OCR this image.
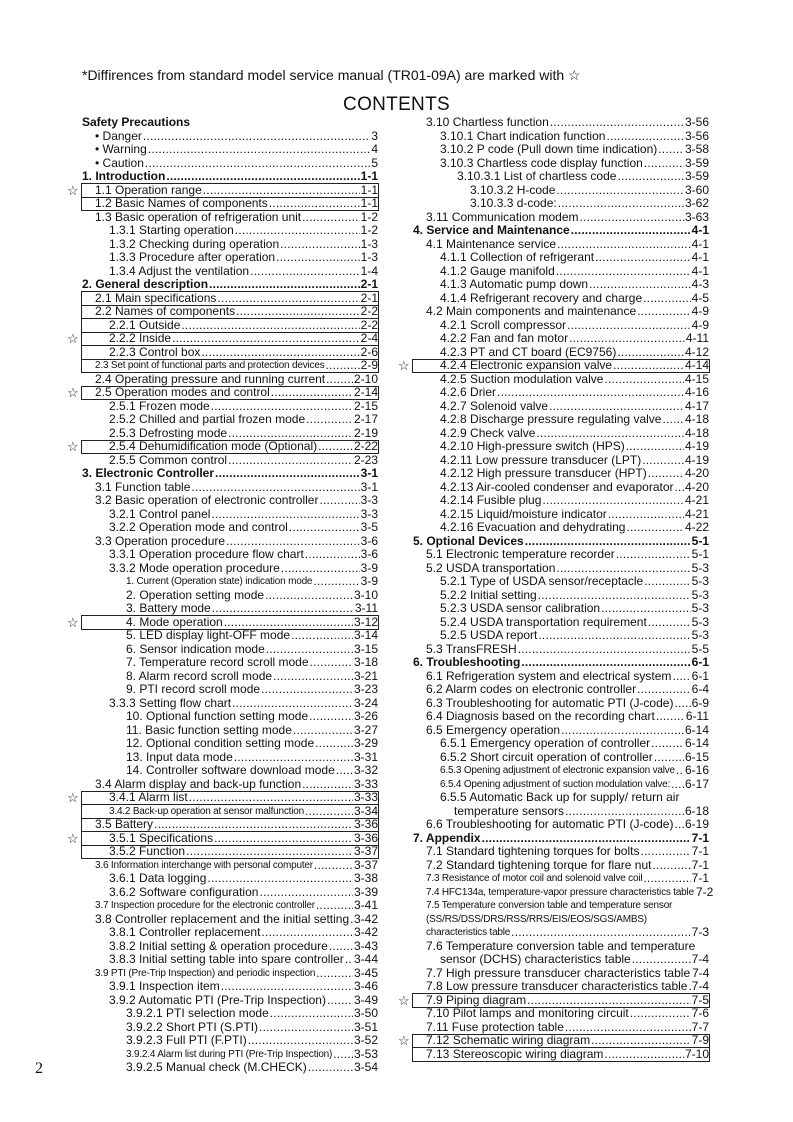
*Diffirences from standard model service manual (TR01-09A) are marked with ☆
CONTENTS
Safety Precautions
• Danger .....	3
• Warning .....	4
• Caution .....	5
1. Introduction .....	1-1
☆ 1.1 Operation range .....	1-1
1.2 Basic Names of components .....	1-1
1.3 Basic operation of refrigeration unit .....	1-2
1.3.1 Starting operation .....	1-2
1.3.2 Checking during operation .....	1-3
1.3.3 Procedure after operation .....	1-3
1.3.4 Adjust the ventilation .....	1-4
2. General description .....	2-1
2.1 Main specifications .....	2-1
2.2 Names of components .....	2-2
2.2.1 Outside .....	2-2
☆	2.2.2 Inside .....	2-4
2.2.3 Control box .....	2-6
2.3 Set point of functional parts and protection devices .....	2-9
2.4 Operating pressure and running current ..... 2-10
☆ 2.5 Operation modes and control .....	2-14
2.5.1 Frozen mode .....	2-15
2.5.2 Chilled and partial frozen mode .....	2-17
2.5.3 Defrosting mode .....	2-19
☆	2.5.4 Dehumidification mode (Optional) .....	2-22
2.5.5 Common control .....	2-23
3. Electronic Controller .....	3-1
3.1 Function table .....	3-1
3.2 Basic operation of electronic controller .....	3-3
3.2.1 Control panel .....	3-3
3.2.2 Operation mode and control .....	3-5
3.3 Operation procedure .....	3-6
3.3.1 Operation procedure flow chart .....	3-6
3.3.2 Mode operation procedure .....	3-9
1. Current (Operation state) indication mode .....	3-9
2. Operation setting mode .....	3-10
3. Battery mode .....	3-11
☆	4. Mode operation .....	3-12
5. LED display light-OFF mode .....	3-14
6. Sensor indication mode .....	3-15
7. Temperature record scroll mode .....	3-18
8. Alarm record scroll mode .....	3-21
9. PTI record scroll mode .....	3-23
3.3.3 Setting flow chart .....	3-24
10. Optional function setting mode .....	3-26
11. Basic function setting mode .....	3-27
12. Optional condition setting mode .....	3-29
13. Input data mode .....	3-31
14. Controller software download mode ..... 3-32
3.4 Alarm display and back-up function .....	3-33
☆	3.4.1 Alarm list .....	3-33
3.4.2 Back-up operation at sensor malfunction .....	3-34
3.5 Battery .....	3-36
☆	3.5.1 Specifications .....	3-36
3.5.2 Function .....	3-37
3.6 Information interchange with personal computer .....	3-37
3.6.1 Data logging .....	3-38
3.6.2 Software configuration .....	3-39
3.7 Inspection procedure for the electronic controller .....	3-41
3.8 Controller replacement and the initial setting ..... 3-42
3.8.1 Controller replacement .....	3-42
3.8.2 Initial setting & operation procedure ..... 3-43
3.8.3 Initial setting table into spare controller ..... 3-44
3.9 PTI (Pre-Trip Inspection) and periodic inspection .....	3-45
3.9.1 Inspection item .....	3-46
3.9.2 Automatic PTI (Pre-Trip Inspection) ..... 3-49
3.9.2.1 PTI selection mode .....	3-50
3.9.2.2 Short PTI (S.PTI) .....	3-51
3.9.2.3 Full PTI (F.PTI) .....	3-52
3.9.2.4 Alarm list during PTI (Pre-Trip Inspection) ..... 3-53
3.9.2.5 Manual check (M.CHECK) .....	3-54
3.10 Chartless function .....	3-56
3.10.1 Chart indication function .....	3-56
3.10.2 P code (Pull down time indication) ..... 3-58
3.10.3 Chartless code display function .....	3-59
3.10.3.1 List of chartless code .....	3-59
3.10.3.2 H-code .....	3-60
3.10.3.3 d-code: .....	3-62
3.11 Communication modem .....	3-63
4. Service and Maintenance .....	4-1
4.1 Maintenance service .....	4-1
4.1.1 Collection of refrigerant .....	4-1
4.1.2 Gauge manifold .....	4-1
4.1.3 Automatic pump down .....	4-3
4.1.4 Refrigerant recovery and charge .....	4-5
4.2 Main components and maintenance .....	4-9
4.2.1 Scroll compressor .....	4-9
4.2.2 Fan and fan motor .....	4-11
4.2.3 PT and CT board (EC9756) .....	4-12
☆	4.2.4 Electronic expansion valve .....	4-14
4.2.5 Suction modulation valve .....	4-15
4.2.6 Drier .....	4-16
4.2.7 Solenoid valve .....	4-17
4.2.8 Discharge pressure regulating valve ..... 4-18
4.2.9 Check valve .....	4-18
4.2.10 High-pressure switch (HPS) .....	4-19
4.2.11 Low pressure transducer (LPT) .....	4-19
4.2.12 High pressure transducer (HPT) .....	4-20
4.2.13 Air-cooled condenser and evaporator ..... 4-20
4.2.14 Fusible plug .....	4-21
4.2.15 Liquid/moisture indicator .....	4-21
4.2.16 Evacuation and dehydrating .....	4-22
5. Optional Devices .....	5-1
5.1 Electronic temperature recorder .....	5-1
5.2 USDA transportation .....	5-3
5.2.1 Type of USDA sensor/receptacle .....	5-3
5.2.2 Initial setting .....	5-3
5.2.3 USDA sensor calibration .....	5-3
5.2.4 USDA transportation requirement .....	5-3
5.2.5 USDA report .....	5-3
5.3 TransFRESH .....	5-5
6. Troubleshooting .....	6-1
6.1 Refrigeration system and electrical system ..... 6-1
6.2 Alarm codes on electronic controller .....	6-4
6.3 Troubleshooting for automatic PTI (J-code) ..... 6-9
6.4 Diagnosis based on the recording chart .....	6-11
6.5 Emergency operation .....	6-14
6.5.1 Emergency operation of controller .....	6-14
6.5.2 Short circuit operation of controller .....	6-15
6.5.3 Opening adjustment of electronic expansion valve ..... 6-16
6.5.4 Opening adjustment of suction modulation valve: ..... 6-17
6.5.5 Automatic Back up for supply/ return air
temperature sensors .....	6-18
6.6 Troubleshooting for automatic PTI (J-code) ..... 6-19
7. Appendix .....	7-1
7.1 Standard tightening torques for bolts .....	7-1
7.2 Standard tightening torque for flare nut .....	7-1
7.3 Resistance of motor coil and solenoid valve coil .....	7-1
7.4 HFC134a, temperature-vapor pressure characteristics table 7-2
7.5 Temperature conversion table and temperature sensor
(SS/RS/DSS/DRS/RSS/RRS/EIS/EOS/SGS/AMBS)
characteristics table .....	7-3
7.6 Temperature conversion table and temperature
sensor (DCHS) characteristics table .....	7-4
7.7 High pressure transducer characteristics table 7-4
7.8 Low pressure transducer characteristics table ..... 7-4
☆ 7.9 Piping diagram .....	7-5
7.10 Pilot lamps and monitoring circuit .....	7-6
7.11 Fuse protection table .....	7-7
☆ 7.12 Schematic wiring diagram .....	7-9
7.13 Stereoscopic wiring diagram .....	7-10
2
